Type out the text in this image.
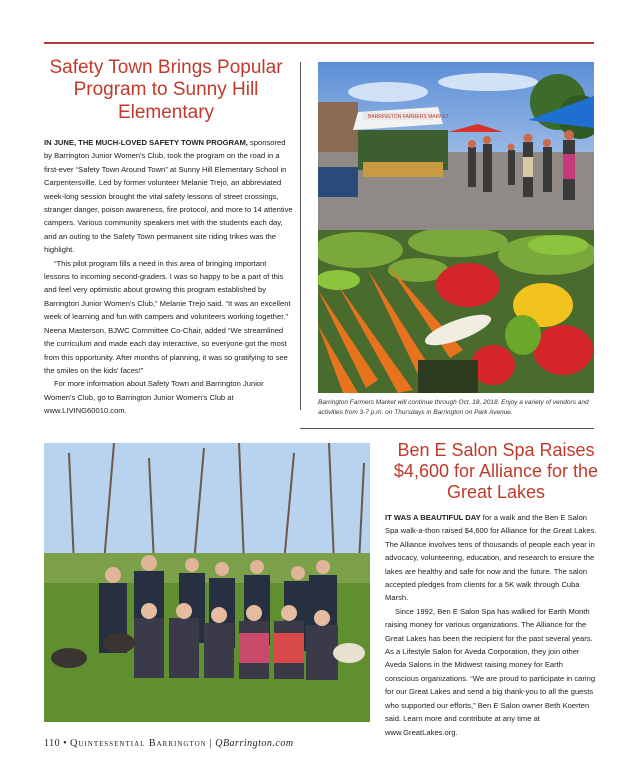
Safety Town Brings Popular Program to Sunny Hill Elementary

IN JUNE, THE MUCH-LOVED SAFETY TOWN PROGRAM, sponsored by Barrington Junior Women's Club, took the program on the road in a first-ever “Safety Town Around Town” at Sunny Hill Elementary School in Carpentersville. Led by former volunteer Melanie Trejo, an abbreviated week-long session brought the vital safety lessons of street crossings, stranger danger, poison awareness, fire protocol, and more to 14 attentive campers. Various community speakers met with the students each day, and an outing to the Safety Town permanent site riding trikes was the highlight.

“This pilot program fills a need in this area of bringing important lessons to incoming second-graders. I was so happy to be a part of this and feel very optimistic about growing this program established by Barrington Junior Women's Club,” Melanie Trejo said. “It was an excellent week of learning and fun with campers and volunteers working together.” Neena Masterson, BJWC Committee Co-Chair, added “We streamlined the curriculum and made each day interactive, so everyone got the most from this opportunity. After months of planning, it was so gratifying to see the smiles on the kids' faces!”

For more information about Safety Town and Barrington Junior Women's Club, go to Barrington Junior Women's Club at www.LIVING60010.com.

BARRINGTON FARMERS MARKET
Barrington Farmers Market will continue through Oct. 18, 2018. Enjoy a variety of vendors and activities from 3-7 p.m. on Thursdays in Barrington on Park Avenue.
Ben E Salon Spa Raises $4,600 for Alliance for the Great Lakes

IT WAS A BEAUTIFUL DAY for a walk and the Ben E Salon Spa walk-a-thon raised $4,600 for Alliance for the Great Lakes. The Alliance involves tens of thousands of people each year in advocacy, volunteering, education, and research to ensure the lakes are healthy and safe for now and the future. The salon accepted pledges from clients for a 5K walk through Cuba Marsh.

Since 1992, Ben E Salon Spa has walked for Earth Month raising money for various organizations. The Alliance for the Great Lakes has been the recipient for the past several years. As a Lifestyle Salon for Aveda Corporation, they join other Aveda Salons in the Midwest raising money for Earth conscious organizations. “We are proud to participate in caring for our Great Lakes and send a big thank-you to all the guests who supported our efforts,” Ben E Salon owner Beth Koerten said. Learn more and contribute at any time at www.GreatLakes.org.

110 • Quintessential Barrington | QBarrington.com
